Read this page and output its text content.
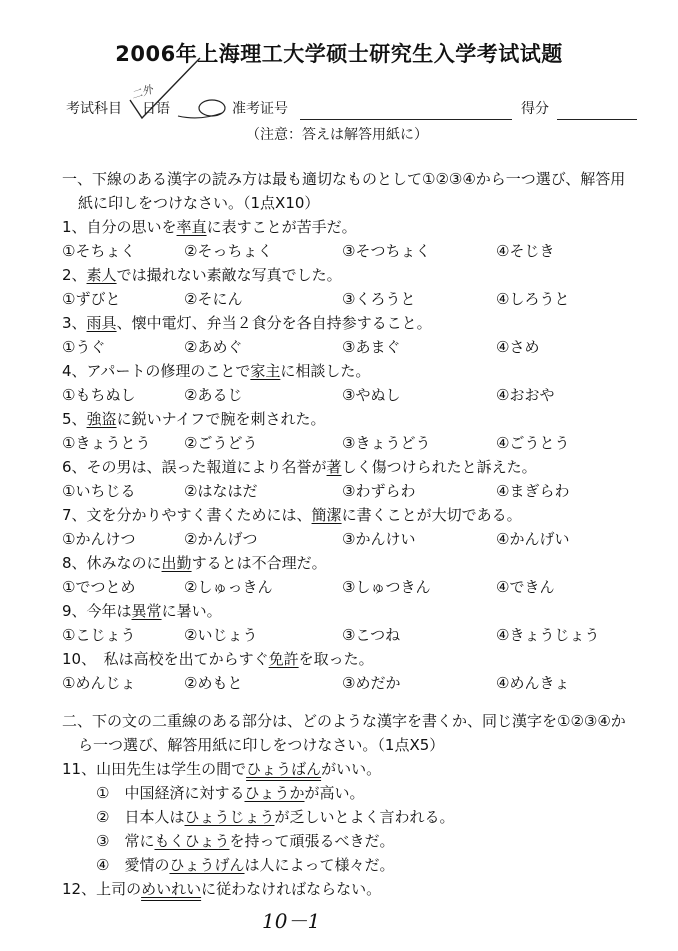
2006年上海理工大学硕士研究生入学考试试题
考试科目 日语
二外
准考证号	得分
（注意：答えは解答用紙に）
一、下線のある漢字の読み方は最も適切なものとして①②③④から一つ選び、解答用
紙に印しをつけなさい。（1点X10）
1、自分の思いを率直に表すことが苦手だ。
①そちょく	②そっちょく	③そつちょく	④そじき
2、素人では撮れない素敵な写真でした。
①ずびと	②そにん	③くろうと	④しろうと
3、雨具、懐中電灯、弁当２食分を各自持参すること。
①うぐ	②あめぐ	③あまぐ	④さめ
4、アパートの修理のことで家主に相談した。
①もちぬし	②あるじ	③やぬし	④おおや
5、強盗に鋭いナイフで腕を刺された。
①きょうとう ②ごうどう	③きょうどう	④ごうとう
6、その男は、誤った報道により名誉が著しく傷つけられたと訴えた。
①いちじる	②はなはだ	③わずらわ	④まぎらわ
7、文を分かりやすく書くためには、簡潔に書くことが大切である。
①かんけつ	②かんげつ	③かんけい	④かんげい
8、休みなのに出勤するとは不合理だ。
①でつとめ	②しゅっきん	③しゅつきん	④できん
9、今年は異常に暑い。
①こじょう	②いじょう	③こつね	④きょうじょう
10、　私は高校を出てからすぐ免許を取った。
①めんじょ	②めもと	③めだか	④めんきょ
二、下の文の二重線のある部分は、どのような漢字を書くか、同じ漢字を①②③④か
ら一つ選び、解答用紙に印しをつけなさい。（1点X5）
11、山田先生は学生の間でひょうばんがいい。
①　 中国経済に対するひょうかが高い。
②　 日本人はひょうじょうが乏しいとよく言われる。
③　 常にもくひょうを持って頑張るべきだ。
④　 愛情のひょうげんは人によって様々だ。
12、上司のめいれいに従わなければならない。
10－1
